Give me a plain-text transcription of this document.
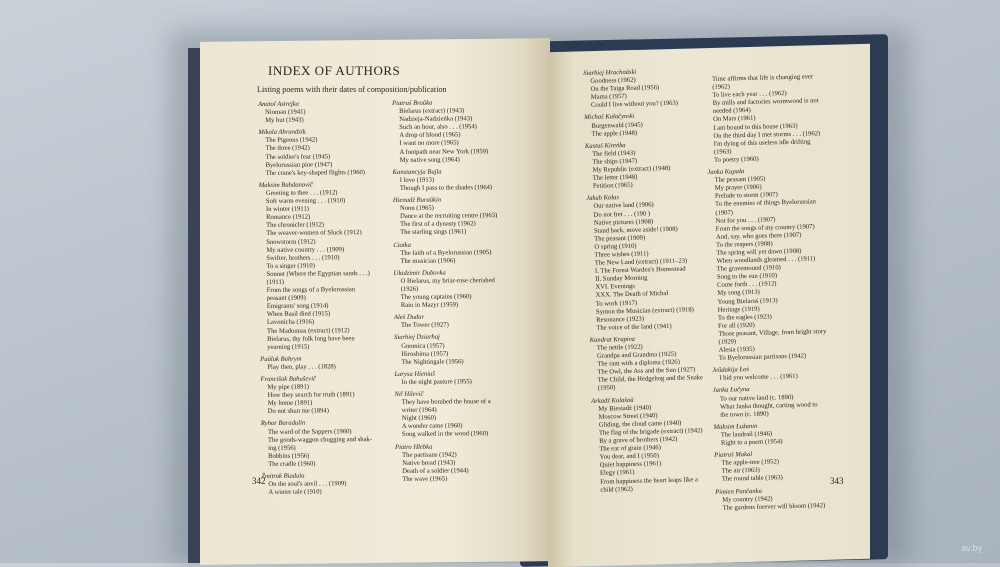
INDEX OF AUTHORS
Listing poems with their dates of composition/publication
Anatol Astrejka
Nioman (1941)
My hut (1943)
Mikola Ahrandzik
The Pigeons (1942)
The three (1942)
The soldier's fear (1945)
Byelorussian pine (1947)
The crane's key-shaped flights (1960)
Maksim Bahdanovič
Greeting to thee . . . (1912)
Soft warm evening . . . (1910)
In winter (1911)
Romance (1912)
The chronicler (1912)
The weaver-women of Sluck (1912)
Snowstorm (1912)
My native country . . . (1909)
Swifter, brothers . . . (1910)
To a singer (1910)
Sonnet (Where the Egyptian sands . . .)
(1911)
From the songs of a Byelorussian
peasant (1909)
Emigrants' song (1914)
When Basil died (1915)
Lavonicha (1916)
The Madonnas (extract) (1912)
Bielarus, thy folk long have been
yearning (1915)
Paūluk Bahrym
Play then, play . . . (1828)
Francišak Bahuševič
My pipe (1891)
How they search for truth (1891)
My home (1891)
Do not shun me (1894)
Ryhor Baradulin
The ward of the Sappers (1960)
The goods-waggon chugging and shak-
ing (1956)
Bobbins (1956)
The cradle (1960)
Źmitrok Biadula
On the soul's anvil . . . (1909)
A winter tale (1910)
Piatruś Broŭka
Bielarus (extract) (1943)
Nadzieja-Nadzieńka (1943)
Such an hour, also . . . (1954)
A drop of blood (1965)
I want no more (1965)
A footpath near New York (1959)
My native song (1964)
Kanstancyja Bujla
I love (1913)
Though I pass to the shades (1964)
Hienadź Buraŭkin
Noon (1965)
Dance at the recruiting centre (1963)
The first of a dynasty (1962)
The starling sings (1961)
Ciotka
The faith of a Byelorussian (1905)
The musician (1906)
Uładzimir Dubovka
O Bielarus, my briar-rose cherished
(1926)
The young captains (1960)
Rain in Mazyr (1959)
Aleś Dudar
The Tower (1927)
Siarhiej Dziarhaj
Gnomica (1957)
Hiroshima (1957)
The Nightingale (1956)
Larysa Hieniuš
In the night pasture (1955)
Nil Hilevič
They have bombed the house of a
writer (1964)
Night (1960)
A wonder came (1960)
Song walked in the wood (1960)
Piatro Hlebka
The partisans (1942)
Native bread (1943)
Death of a soldier (1944)
The wave (1965)
Siarhiej Hrachoŭski
Goodness (1962)
On the Taiga Road (1956)
Mama (1957)
Could I live without you? (1963)
Michaś Kałačynski
Burgenwald (1945)
The apple (1948)
Kastuś Kireńka
The field (1943)
The ships (1947)
My Republic (extract) (1948)
The letter (1948)
Petition (1965)
Jakub Kołas
Our native land (1906)
Do not fret . . . (190 )
Native pictures (1908)
Stand back, move aside! (1908)
The peasant (1909)
O spring (1910)
Three wishes (1911)
The New Land (extract) (1911–23)
I. The Forest Warden's Homestead
II. Sunday Morning
XVI. Evenings
XXX. The Death of Michał
To work (1917)
Symon the Musician (extract) (1918)
Resonance (1923)
The voice of the land (1941)
Kandrat Krapiva
The nettle (1922)
Grandpa and Grandma (1925)
The ram with a diploma (1926)
The Owl, the Ass and the Sun (1927)
The Child, the Hedgehog and the Snake
(1950)
Arkadź Kulašoŭ
My Biesiadź (1940)
Moscow Street (1940)
Gliding, the cloud came (1940)
The flag of the brigade (extract) (1942)
By a grave of brothers (1942)
The ear of grain (1946)
You dear, and I (1950)
Quiet happiness (1961)
Elegy (1961)
From happiness the heart leaps like a
child (1962)
Time affirms that life is changing ever
(1962)
To live each year . . . (1962)
By mills and factories wormwood is not
needed (1964)
On Mars (1961)
I am bound to this house (1963)
On the third day I met storms . . . (1962)
I'm dying of this useless idle drifting
(1963)
To poetry (1960)
Janka Kupała
The peasant (1905)
My prayer (1906)
Prelude to storm (1907)
To the enemies of things Byelorussian
(1907)
Not for you . . . (1907)
From the songs of my country (1907)
And, say, who goes there (1907)
To the reapers (1908)
The spring will yet dawn (1908)
When woodlands gleamed . . . (1911)
The gravemound (1910)
Song to the sun (1910)
Come forth . . . (1912)
My song (1913)
Young Bielaruś (1913)
Heritage (1919)
To the eagles (1923)
For all (1920)
Those peasant, Village, from bright story
(1929)
Alesia (1935)
To Byelorussian partisans (1942)
Jeŭdakija Łoś
I bid you welcome . . . (1961)
Janka Łučyna
To our native land (c. 1890)
What Janka thought, carting wood to
the town (c. 1890)
Maksim Łužanin
The landrail (1946)
Right to a poem (1954)
Piatruś Makal
The apple-tree (1952)
The air (1963)
The round table (1963)
Pimien Pančanka
My country (1942)
The gardens forever will bloom (1942)
342	343
av.by
